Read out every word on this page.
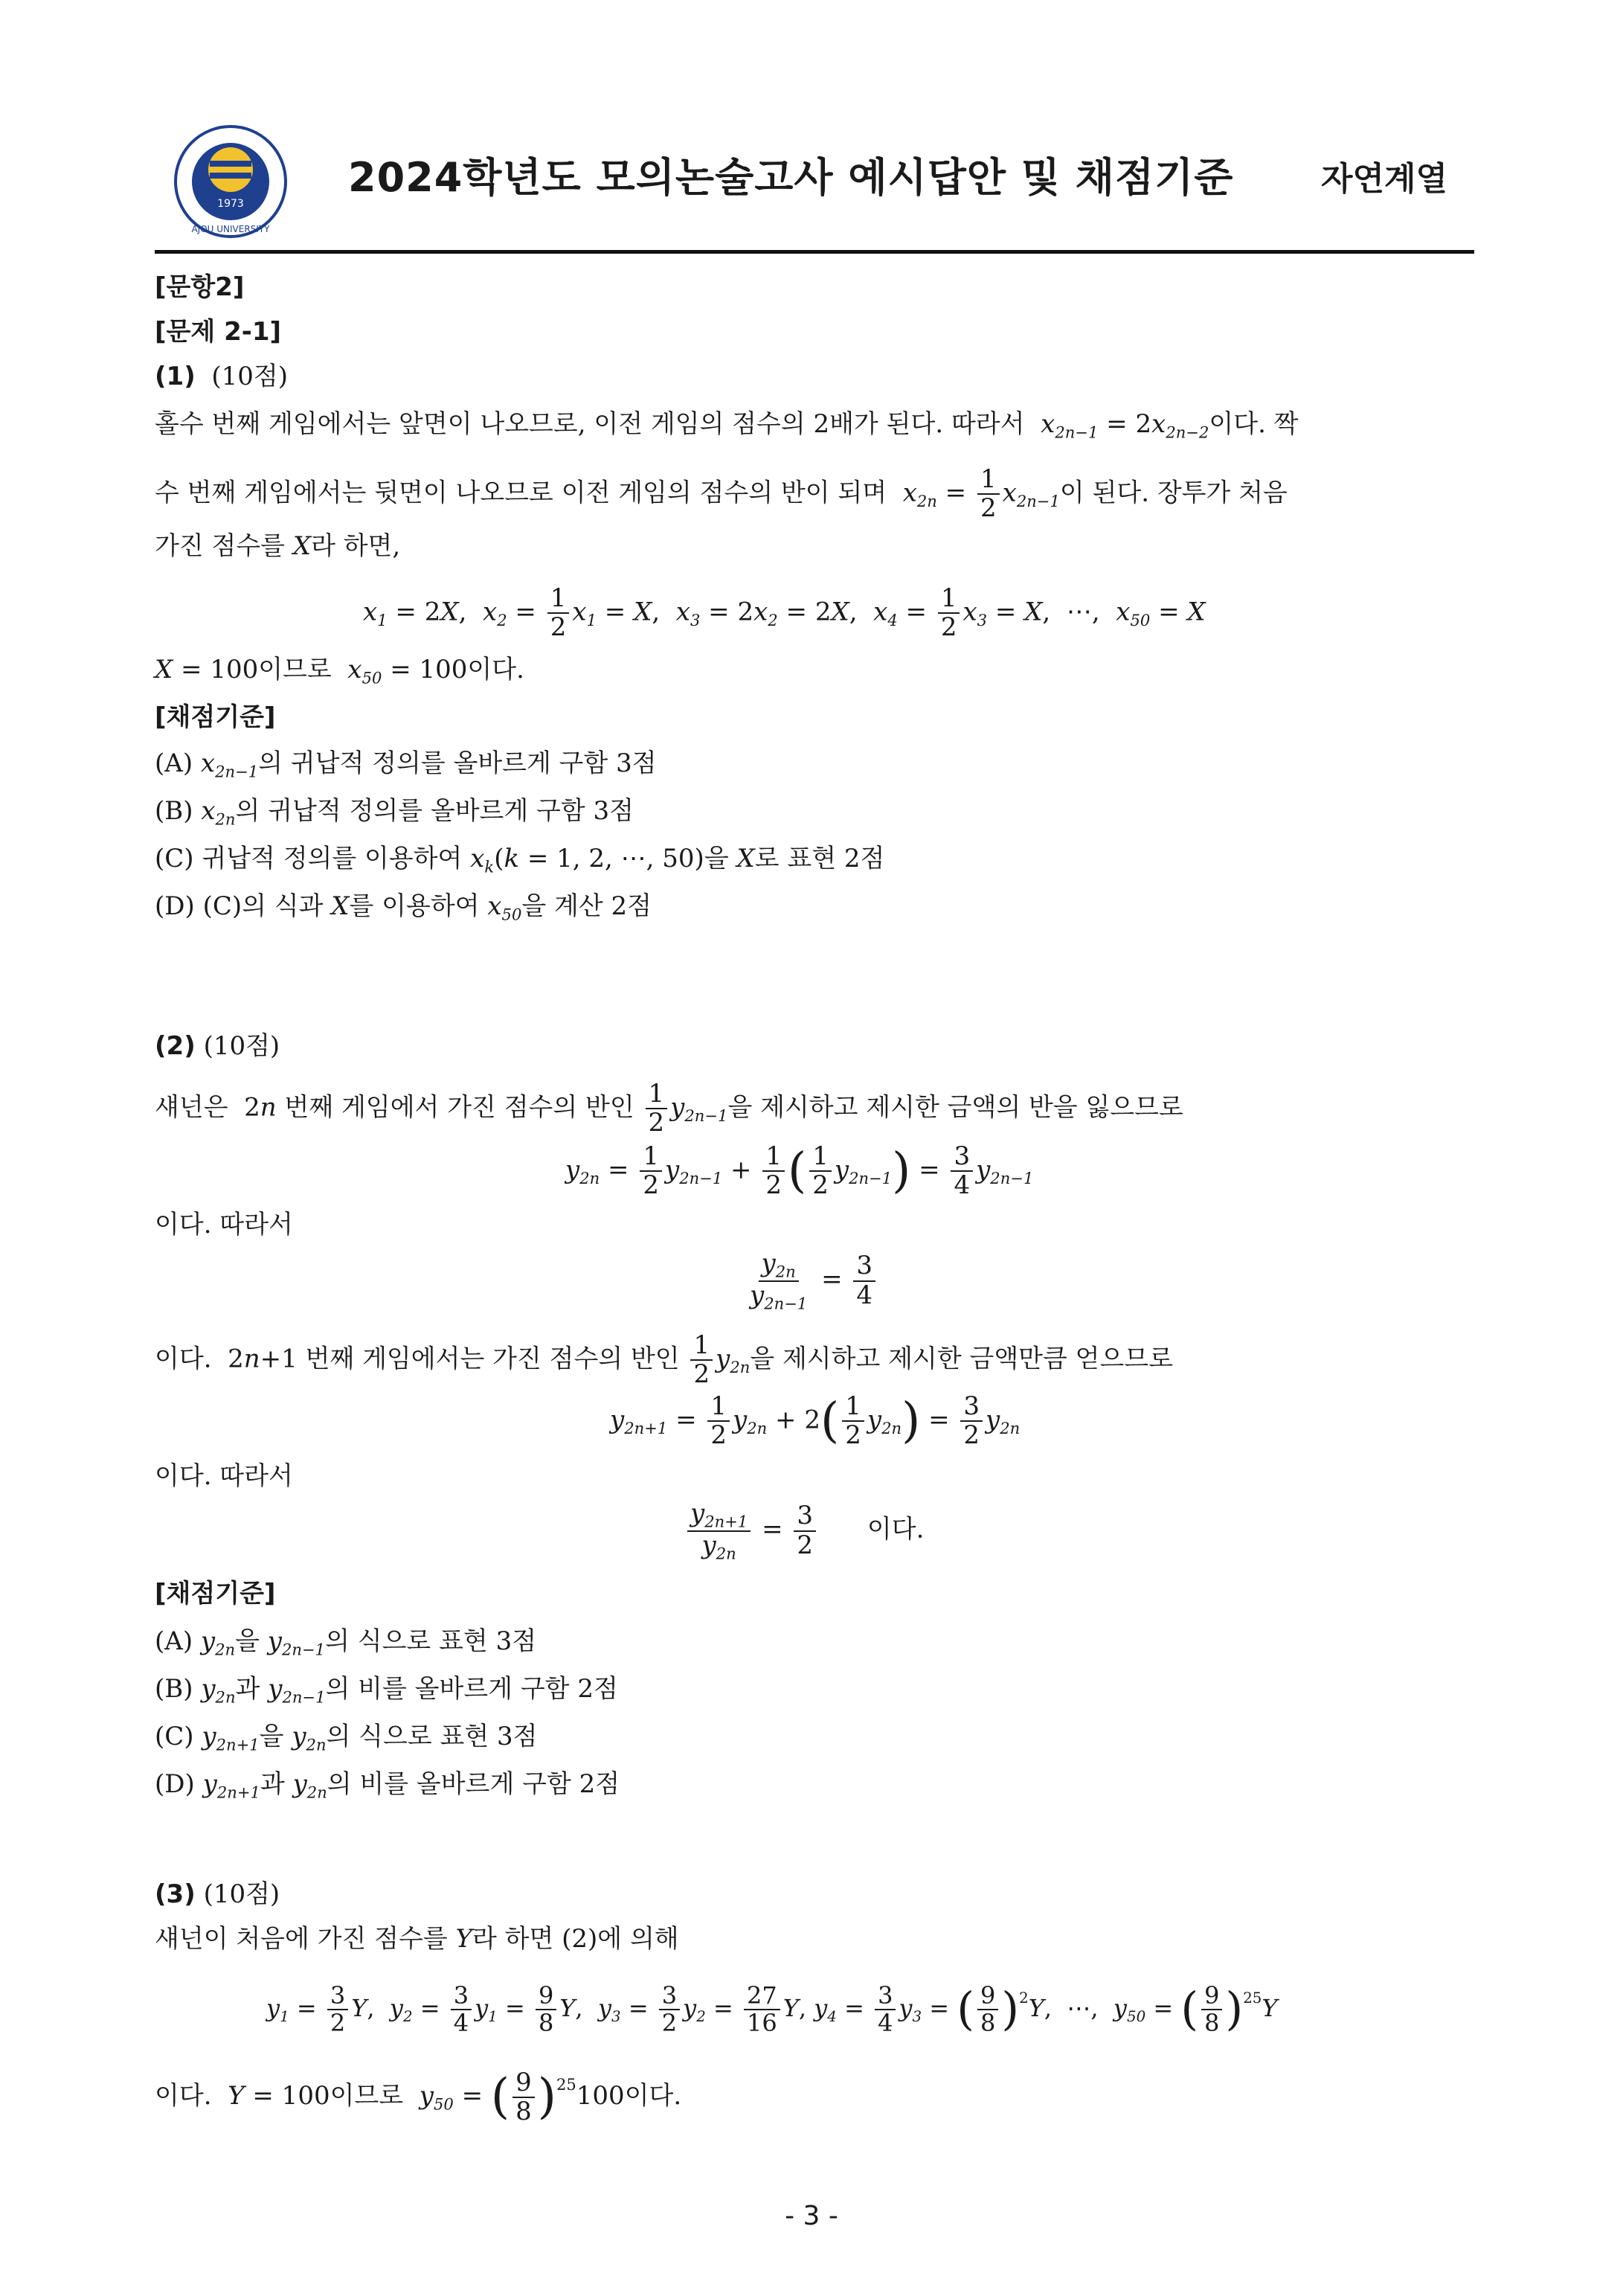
1973
AJOU UNIVERSITY
2024학년도 모의논술고사 예시답안 및 채점기준	자연계열
[문항2]
[문제 2-1]
(1) (10점)
홀수 번째 게임에서는 앞면이 나오므로, 이전 게임의 점수의 2배가 된다. 따라서 $x_{2n-1} = 2x_{2n-2}$이다. 짝
수 번째 게임에서는 뒷면이 나오므로 이전 게임의 점수의 반이 되며 $x_{2n} = \frac{1}{2} x_{2n-1}$이 된다. 장투가 처음
가진 점수를 X라 하면,
$x_1 = 2X$,  $x_2 = \frac{1}{2} x_1 = X$,  $x_3 = 2x_2 = 2X$,  $x_4 = \frac{1}{2} x_3 = X$,  ⋯,  $x_{50} = X$
X = 100이므로 $x_{50} = 100$이다.
[채점기준]
(A) $x_{2n-1}$의 귀납적 정의를 올바르게 구함 3점
(B) $x_{2n}$의 귀납적 정의를 올바르게 구함 3점
(C) 귀납적 정의를 이용하여 $x_k(k = 1$, 2, ⋯, 50)을 X로 표현 2점
(D) (C)의 식과 X를 이용하여 $x_{50}$을 계산 2점
(2) (10점)
섀넌은  2n 번째 게임에서 가진 점수의 반인 $\frac{1}{2} y_{2n-1}$을 제시하고 제시한 금액의 반을 잃으므로
$y_{2n} = \frac{1}{2} y_{2n-1} + \frac{1}{2}$ ( $\frac{1}{2} y_{2n-1}) = \frac{3}{4} y_{2n-1}$
이다. 따라서
$\frac{y_{2n}}{y_{2n-1}} = \frac{3}{4}$
이다.  2n+1 번째 게임에서는 가진 점수의 반인 $\frac{1}{2} y_{2n}$을 제시하고 제시한 금액만큼 얻으므로
$y_{2n+1} = \frac{1}{2} y_{2n} + 2( \frac{1}{2} y_{2n}) = \frac{3}{2} y_{2n}$
이다. 따라서
$\frac{y_{2n+1}}{y_{2n}} = \frac{3}{2}$ 이다.
[채점기준]
(A) $y_{2n}$을 $y_{2n-1}$의 식으로 표현 3점
(B) $y_{2n}$과 $y_{2n-1}$의 비를 올바르게 구함 2점
(C) $y_{2n+1}$을 $y_{2n}$의 식으로 표현 3점
(D) $y_{2n+1}$과 $y_{2n}$의 비를 올바르게 구함 2점
(3) (10점)
섀넌이 처음에 가진 점수를 Y라 하면 (2)에 의해
$y_1 = \frac{3}{2} Y$,  $y_2 = \frac{3}{4} y_1 = \frac{9}{8} Y$,  $y_3 = \frac{3}{2} y_2 = \frac{27}{16} Y$, $y_4 = \frac{3}{4} y_3$ = ( $\frac{9}{8} )^2Y$,  ⋯,  $y_{50}$ = ( $\frac{9}{8} )^{25}Y$
이다. Y = 100이므로 $y_{50}$ = ( $\frac{9}{8} )^{25}100$이다.
- 3 -
